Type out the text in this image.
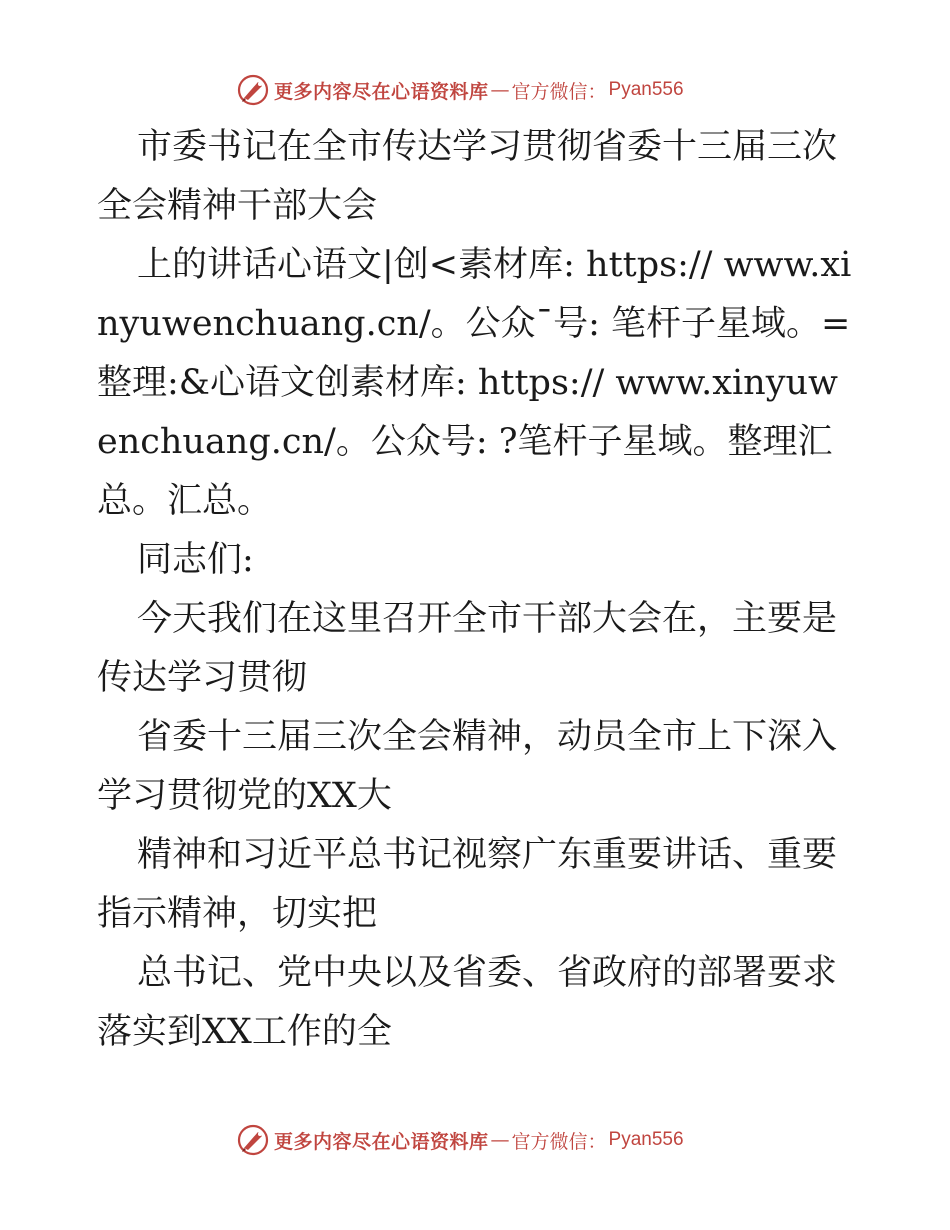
更多内容尽在心语资料库 — 官方微信： Pyan556

市委书记在全市传达学习贯彻省委十三届三次全会精神干部大会

上的讲话心语文|创<素材库: https:// www.xinyuwenchuang.cn/。公众¯号: 笔杆子星域。=整理:&心语文创素材库: https:// www.xinyuwenchuang.cn/。公众号: ?笔杆子星域。整理汇总。汇总。

同志们:

今天我们在这里召开全市干部大会在，主要是传达学习贯彻

省委十三届三次全会精神，动员全市上下深入学习贯彻党的XX大

精神和习近平总书记视察广东重要讲话、重要指示精神，切实把

总书记、党中央以及省委、省政府的部署要求落实到XX工作的全

更多内容尽在心语资料库 — 官方微信： Pyan556
